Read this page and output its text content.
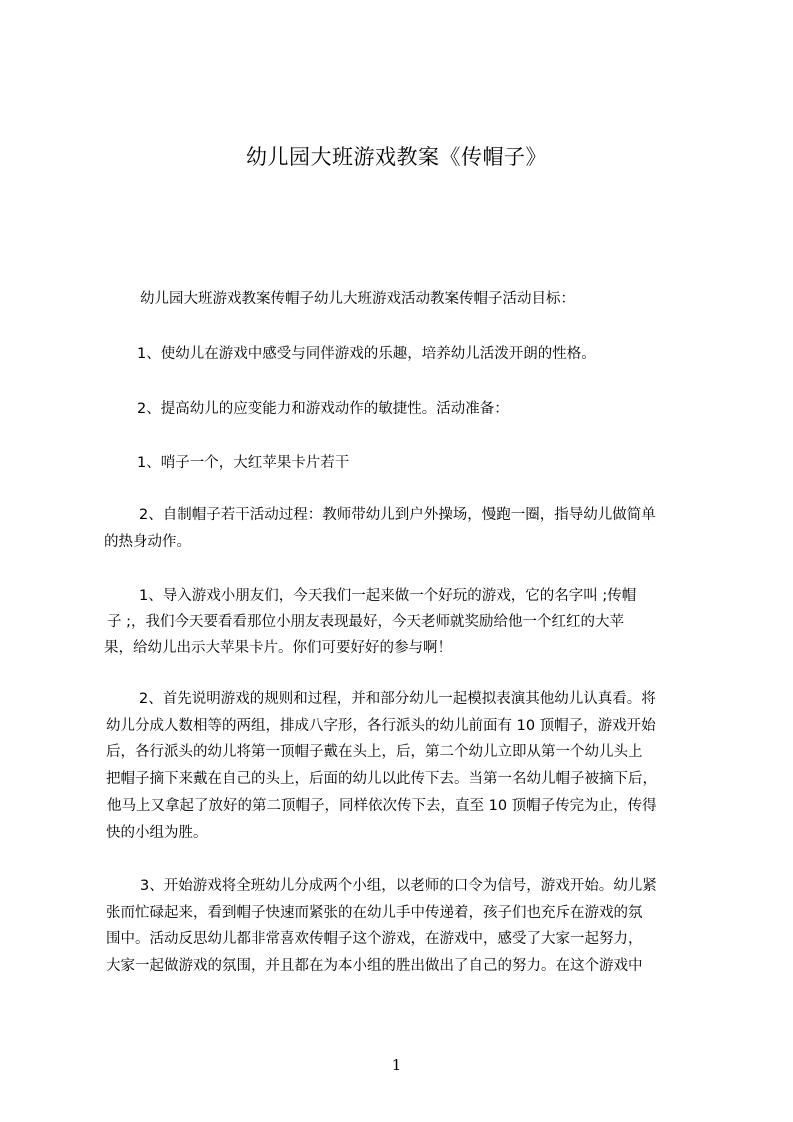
幼儿园大班游戏教案《传帽子》
幼儿园大班游戏教案传帽子幼儿大班游戏活动教案传帽子活动目标：
1、使幼儿在游戏中感受与同伴游戏的乐趣，培养幼儿活泼开朗的性格。
2、提高幼儿的应变能力和游戏动作的敏捷性。活动准备：
1、哨子一个，大红苹果卡片若干
2、自制帽子若干活动过程：教师带幼儿到户外操场，慢跑一圈，指导幼儿做简单
的热身动作。
1、导入游戏小朋友们，今天我们一起来做一个好玩的游戏，它的名字叫 ;传帽
子 ;，我们今天要看看那位小朋友表现最好，今天老师就奖励给他一个红红的大苹
果，给幼儿出示大苹果卡片。你们可要好好的参与啊！
2、首先说明游戏的规则和过程，并和部分幼儿一起模拟表演其他幼儿认真看。将
幼儿分成人数相等的两组，排成八字形，各行派头的幼儿前面有 10 顶帽子，游戏开始
后，各行派头的幼儿将第一顶帽子戴在头上，后，第二个幼儿立即从第一个幼儿头上
把帽子摘下来戴在自己的头上，后面的幼儿以此传下去。当第一名幼儿帽子被摘下后，
他马上又拿起了放好的第二顶帽子，同样依次传下去，直至 10 顶帽子传完为止，传得
快的小组为胜。
3、开始游戏将全班幼儿分成两个小组，以老师的口令为信号，游戏开始。幼儿紧
张而忙碌起来，看到帽子快速而紧张的在幼儿手中传递着，孩子们也充斥在游戏的氛
围中。活动反思幼儿都非常喜欢传帽子这个游戏，在游戏中，感受了大家一起努力，
大家一起做游戏的氛围，并且都在为本小组的胜出做出了自己的努力。在这个游戏中
1
